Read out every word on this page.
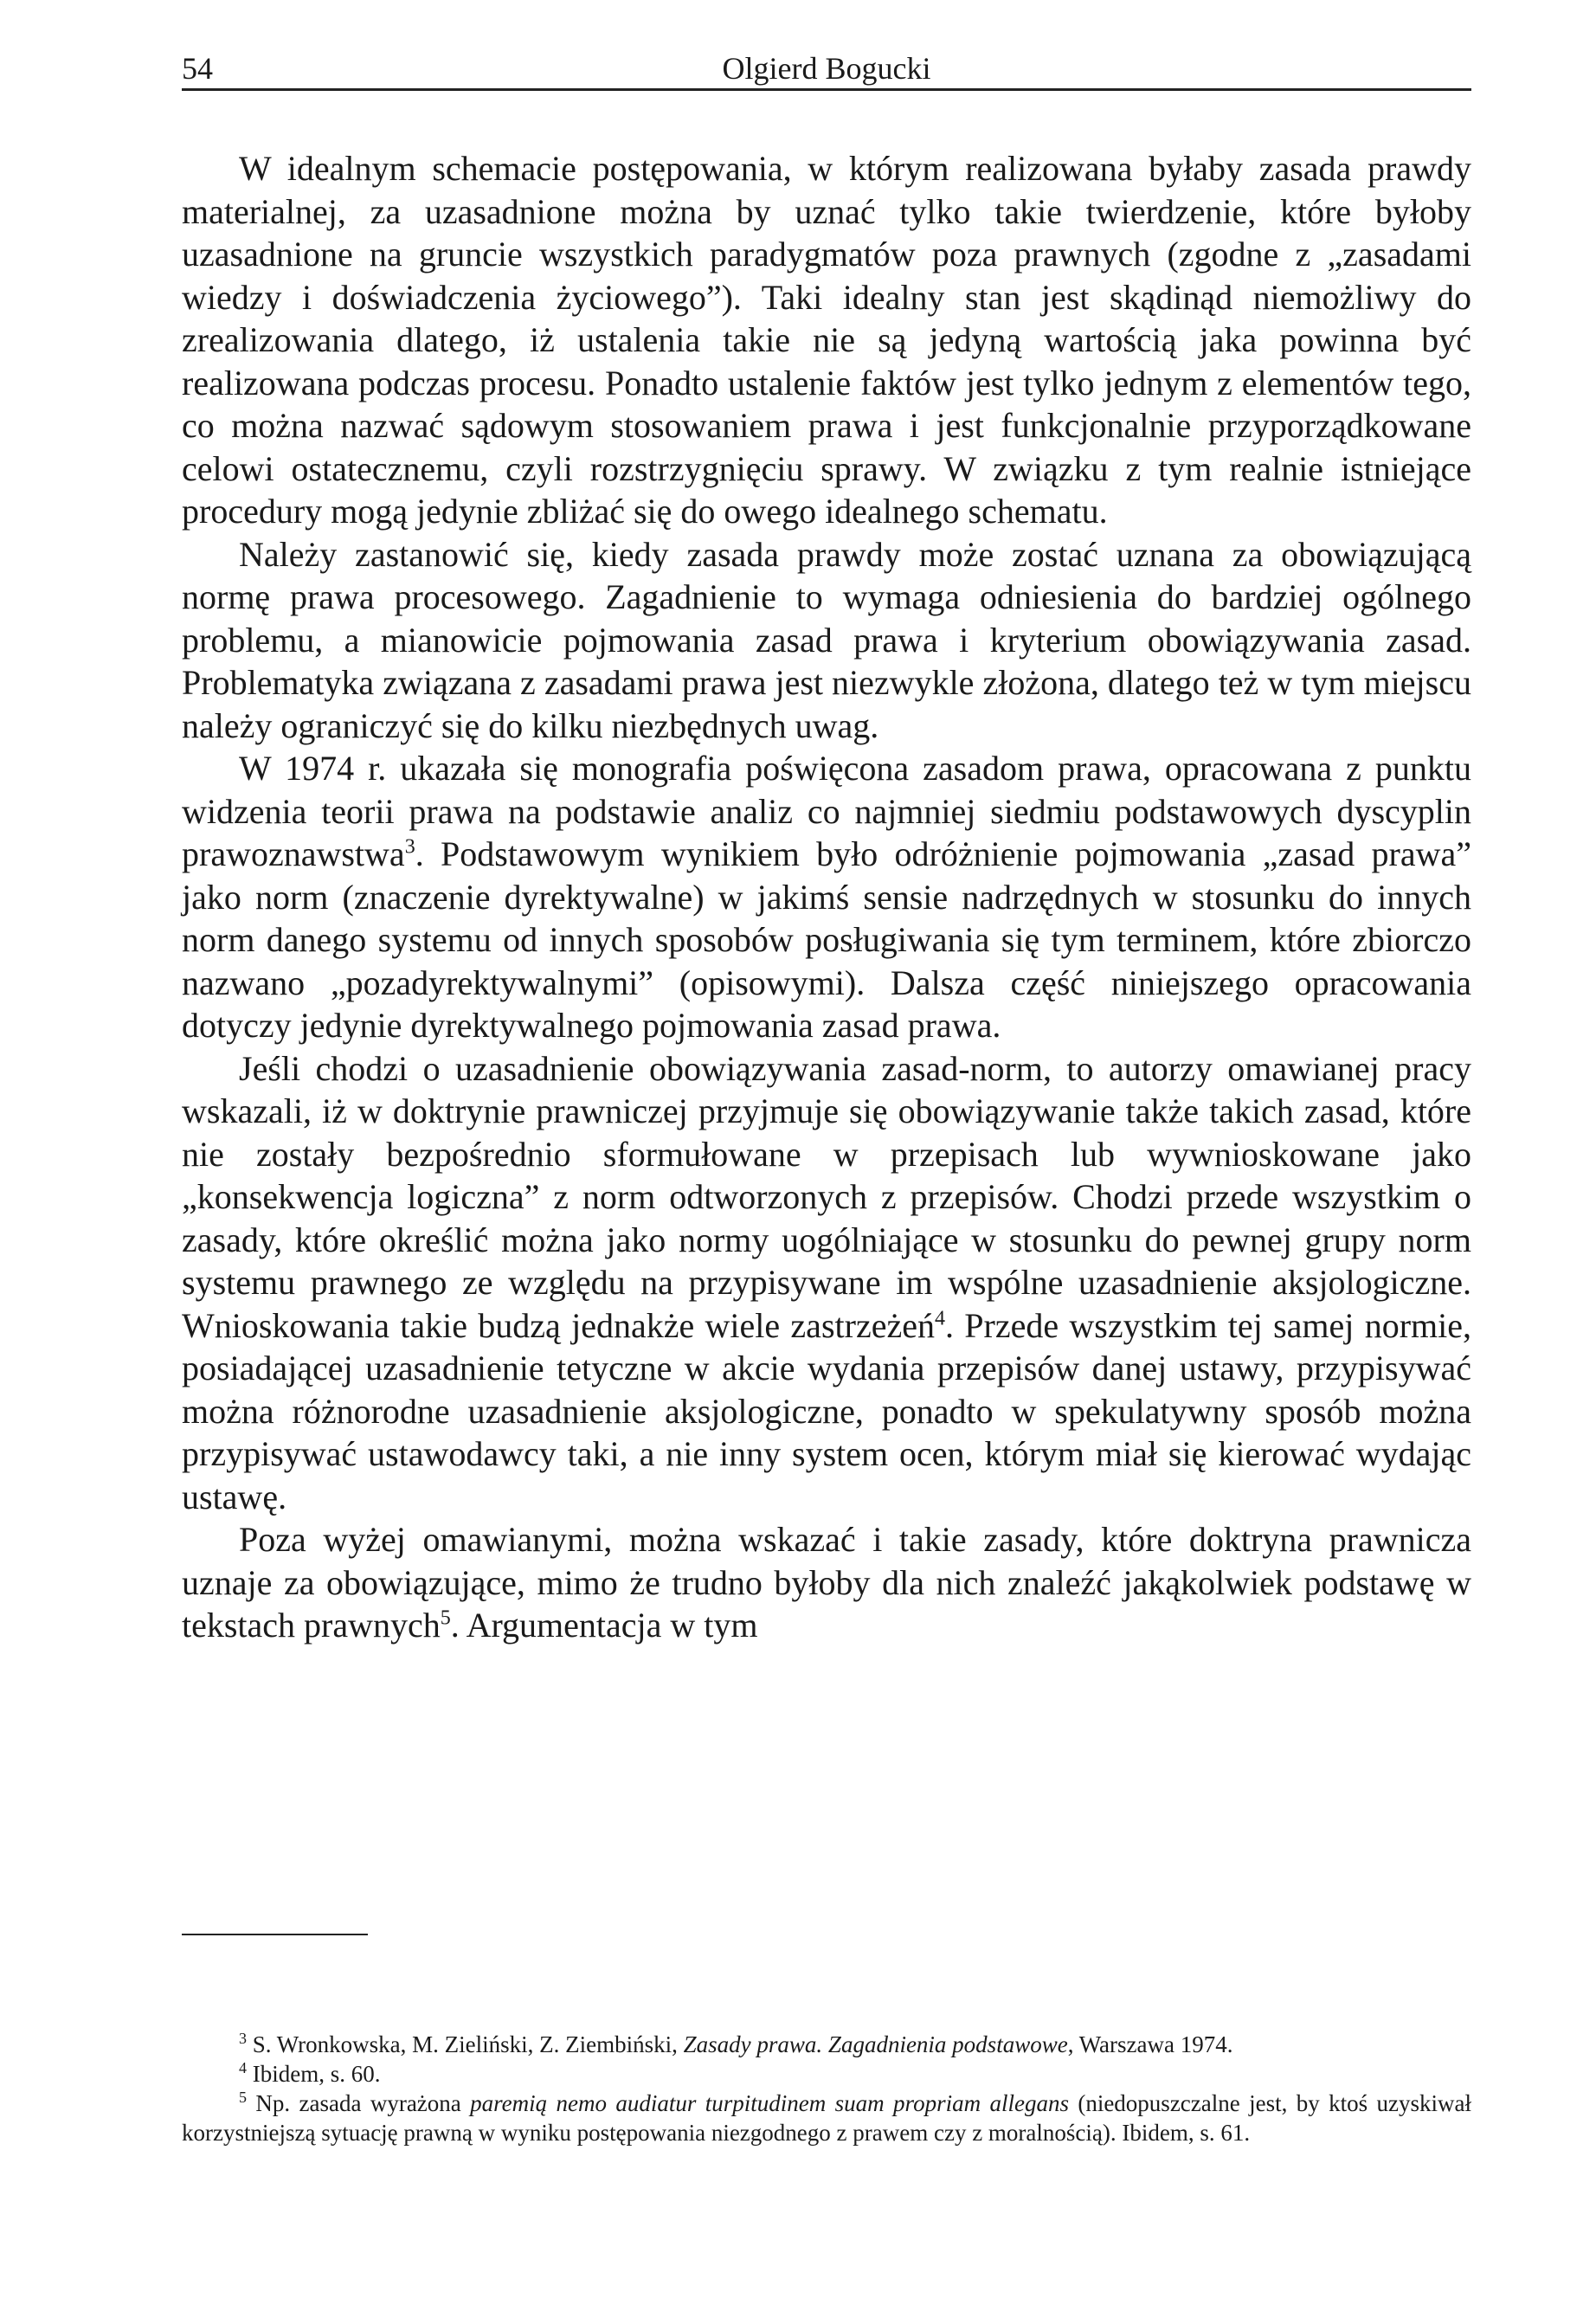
54	Olgierd Bogucki

W idealnym schemacie postępowania, w którym realizowana byłaby zasada prawdy materialnej, za uzasadnione można by uznać tylko takie twierdzenie, które byłoby uzasadnione na gruncie wszystkich paradygmatów poza prawnych (zgodne z „zasadami wiedzy i doświadczenia życiowego”). Taki idealny stan jest skądinąd niemożliwy do zrealizowania dlatego, iż ustalenia takie nie są jedyną wartością jaka powinna być realizowana podczas procesu. Ponadto ustalenie faktów jest tylko jednym z elementów tego, co można nazwać sądowym stosowaniem prawa i jest funkcjonalnie przyporządkowane celowi ostatecznemu, czyli rozstrzygnięciu sprawy. W związku z tym realnie istniejące procedury mogą jedynie zbliżać się do owego idealnego schematu.

Należy zastanowić się, kiedy zasada prawdy może zostać uznana za obowiązującą normę prawa procesowego. Zagadnienie to wymaga odniesienia do bardziej ogólnego problemu, a mianowicie pojmowania zasad prawa i kryterium obowiązywania zasad. Problematyka związana z zasadami prawa jest niezwykle złożona, dlatego też w tym miejscu należy ograniczyć się do kilku niezbędnych uwag.

W 1974 r. ukazała się monografia poświęcona zasadom prawa, opracowana z punktu widzenia teorii prawa na podstawie analiz co najmniej siedmiu podstawowych dyscyplin prawoznawstwa$^3$. Podstawowym wynikiem było odróżnienie pojmowania „zasad prawa” jako norm (znaczenie dyrektywalne) w jakimś sensie nadrzędnych w stosunku do innych norm danego systemu od innych sposobów posługiwania się tym terminem, które zbiorczo nazwano „pozadyrektywalnymi” (opisowymi). Dalsza część niniejszego opracowania dotyczy jedynie dyrektywalnego pojmowania zasad prawa.

Jeśli chodzi o uzasadnienie obowiązywania zasad-norm, to autorzy omawianej pracy wskazali, iż w doktrynie prawniczej przyjmuje się obowiązywanie także takich zasad, które nie zostały bezpośrednio sformułowane w przepisach lub wywnioskowane jako „konsekwencja logiczna” z norm odtworzonych z przepisów. Chodzi przede wszystkim o zasady, które określić można jako normy uogólniające w stosunku do pewnej grupy norm systemu prawnego ze względu na przypisywane im wspólne uzasadnienie aksjologiczne. Wnioskowania takie budzą jednakże wiele zastrzeżeń$^4$. Przede wszystkim tej samej normie, posiadającej uzasadnienie tetyczne w akcie wydania przepisów danej ustawy, przypisywać można różnorodne uzasadnienie aksjologiczne, ponadto w spekulatywny sposób można przypisywać ustawodawcy taki, a nie inny system ocen, którym miał się kierować wydając ustawę.

Poza wyżej omawianymi, można wskazać i takie zasady, które doktryna prawnicza uznaje za obowiązujące, mimo że trudno byłoby dla nich znaleźć jakąkolwiek podstawę w tekstach prawnych$^5$. Argumentacja w tym

$^3$ S. Wronkowska, M. Zieliński, Z. Ziembiński, Zasady prawa. Zagadnienia podstawowe, Warszawa 1974.

$^4$ Ibidem, s. 60.

$^5$ Np. zasada wyrażona paremią nemo audiatur turpitudinem suam propriam allegans (niedopuszczalne jest, by ktoś uzyskiwał korzystniejszą sytuację prawną w wyniku postępowania niezgodnego z prawem czy z moralnością). Ibidem, s. 61.
